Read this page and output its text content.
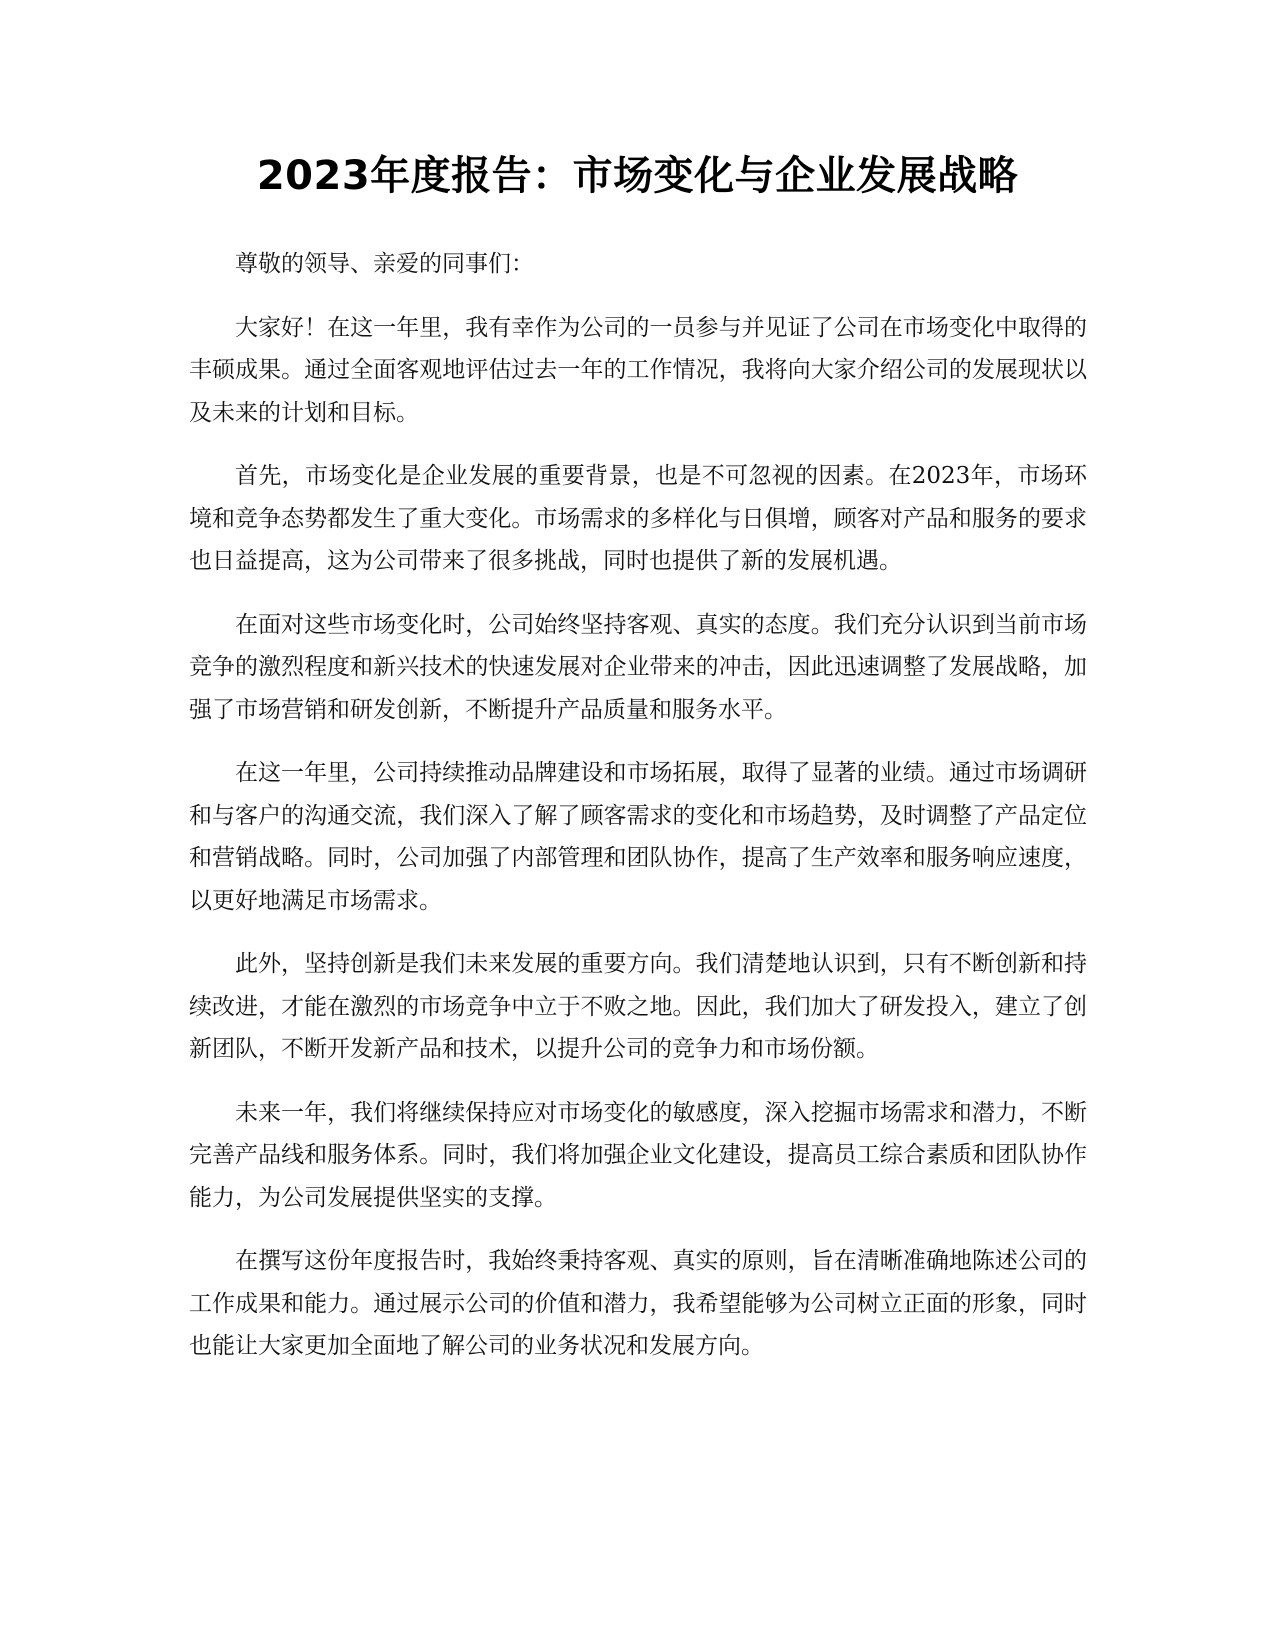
2023年度报告：市场变化与企业发展战略

尊敬的领导、亲爱的同事们：

大家好！在这一年里，我有幸作为公司的一员参与并见证了公司在市场变化中取得的丰硕成果。通过全面客观地评估过去一年的工作情况，我将向大家介绍公司的发展现状以及未来的计划和目标。

首先，市场变化是企业发展的重要背景，也是不可忽视的因素。在2023年，市场环境和竞争态势都发生了重大变化。市场需求的多样化与日俱增，顾客对产品和服务的要求也日益提高，这为公司带来了很多挑战，同时也提供了新的发展机遇。

在面对这些市场变化时，公司始终坚持客观、真实的态度。我们充分认识到当前市场竞争的激烈程度和新兴技术的快速发展对企业带来的冲击，因此迅速调整了发展战略，加强了市场营销和研发创新，不断提升产品质量和服务水平。

在这一年里，公司持续推动品牌建设和市场拓展，取得了显著的业绩。通过市场调研和与客户的沟通交流，我们深入了解了顾客需求的变化和市场趋势，及时调整了产品定位和营销战略。同时，公司加强了内部管理和团队协作，提高了生产效率和服务响应速度，以更好地满足市场需求。

此外，坚持创新是我们未来发展的重要方向。我们清楚地认识到，只有不断创新和持续改进，才能在激烈的市场竞争中立于不败之地。因此，我们加大了研发投入，建立了创新团队，不断开发新产品和技术，以提升公司的竞争力和市场份额。

未来一年，我们将继续保持应对市场变化的敏感度，深入挖掘市场需求和潜力，不断完善产品线和服务体系。同时，我们将加强企业文化建设，提高员工综合素质和团队协作能力，为公司发展提供坚实的支撑。

在撰写这份年度报告时，我始终秉持客观、真实的原则，旨在清晰准确地陈述公司的工作成果和能力。通过展示公司的价值和潜力，我希望能够为公司树立正面的形象，同时也能让大家更加全面地了解公司的业务状况和发展方向。
